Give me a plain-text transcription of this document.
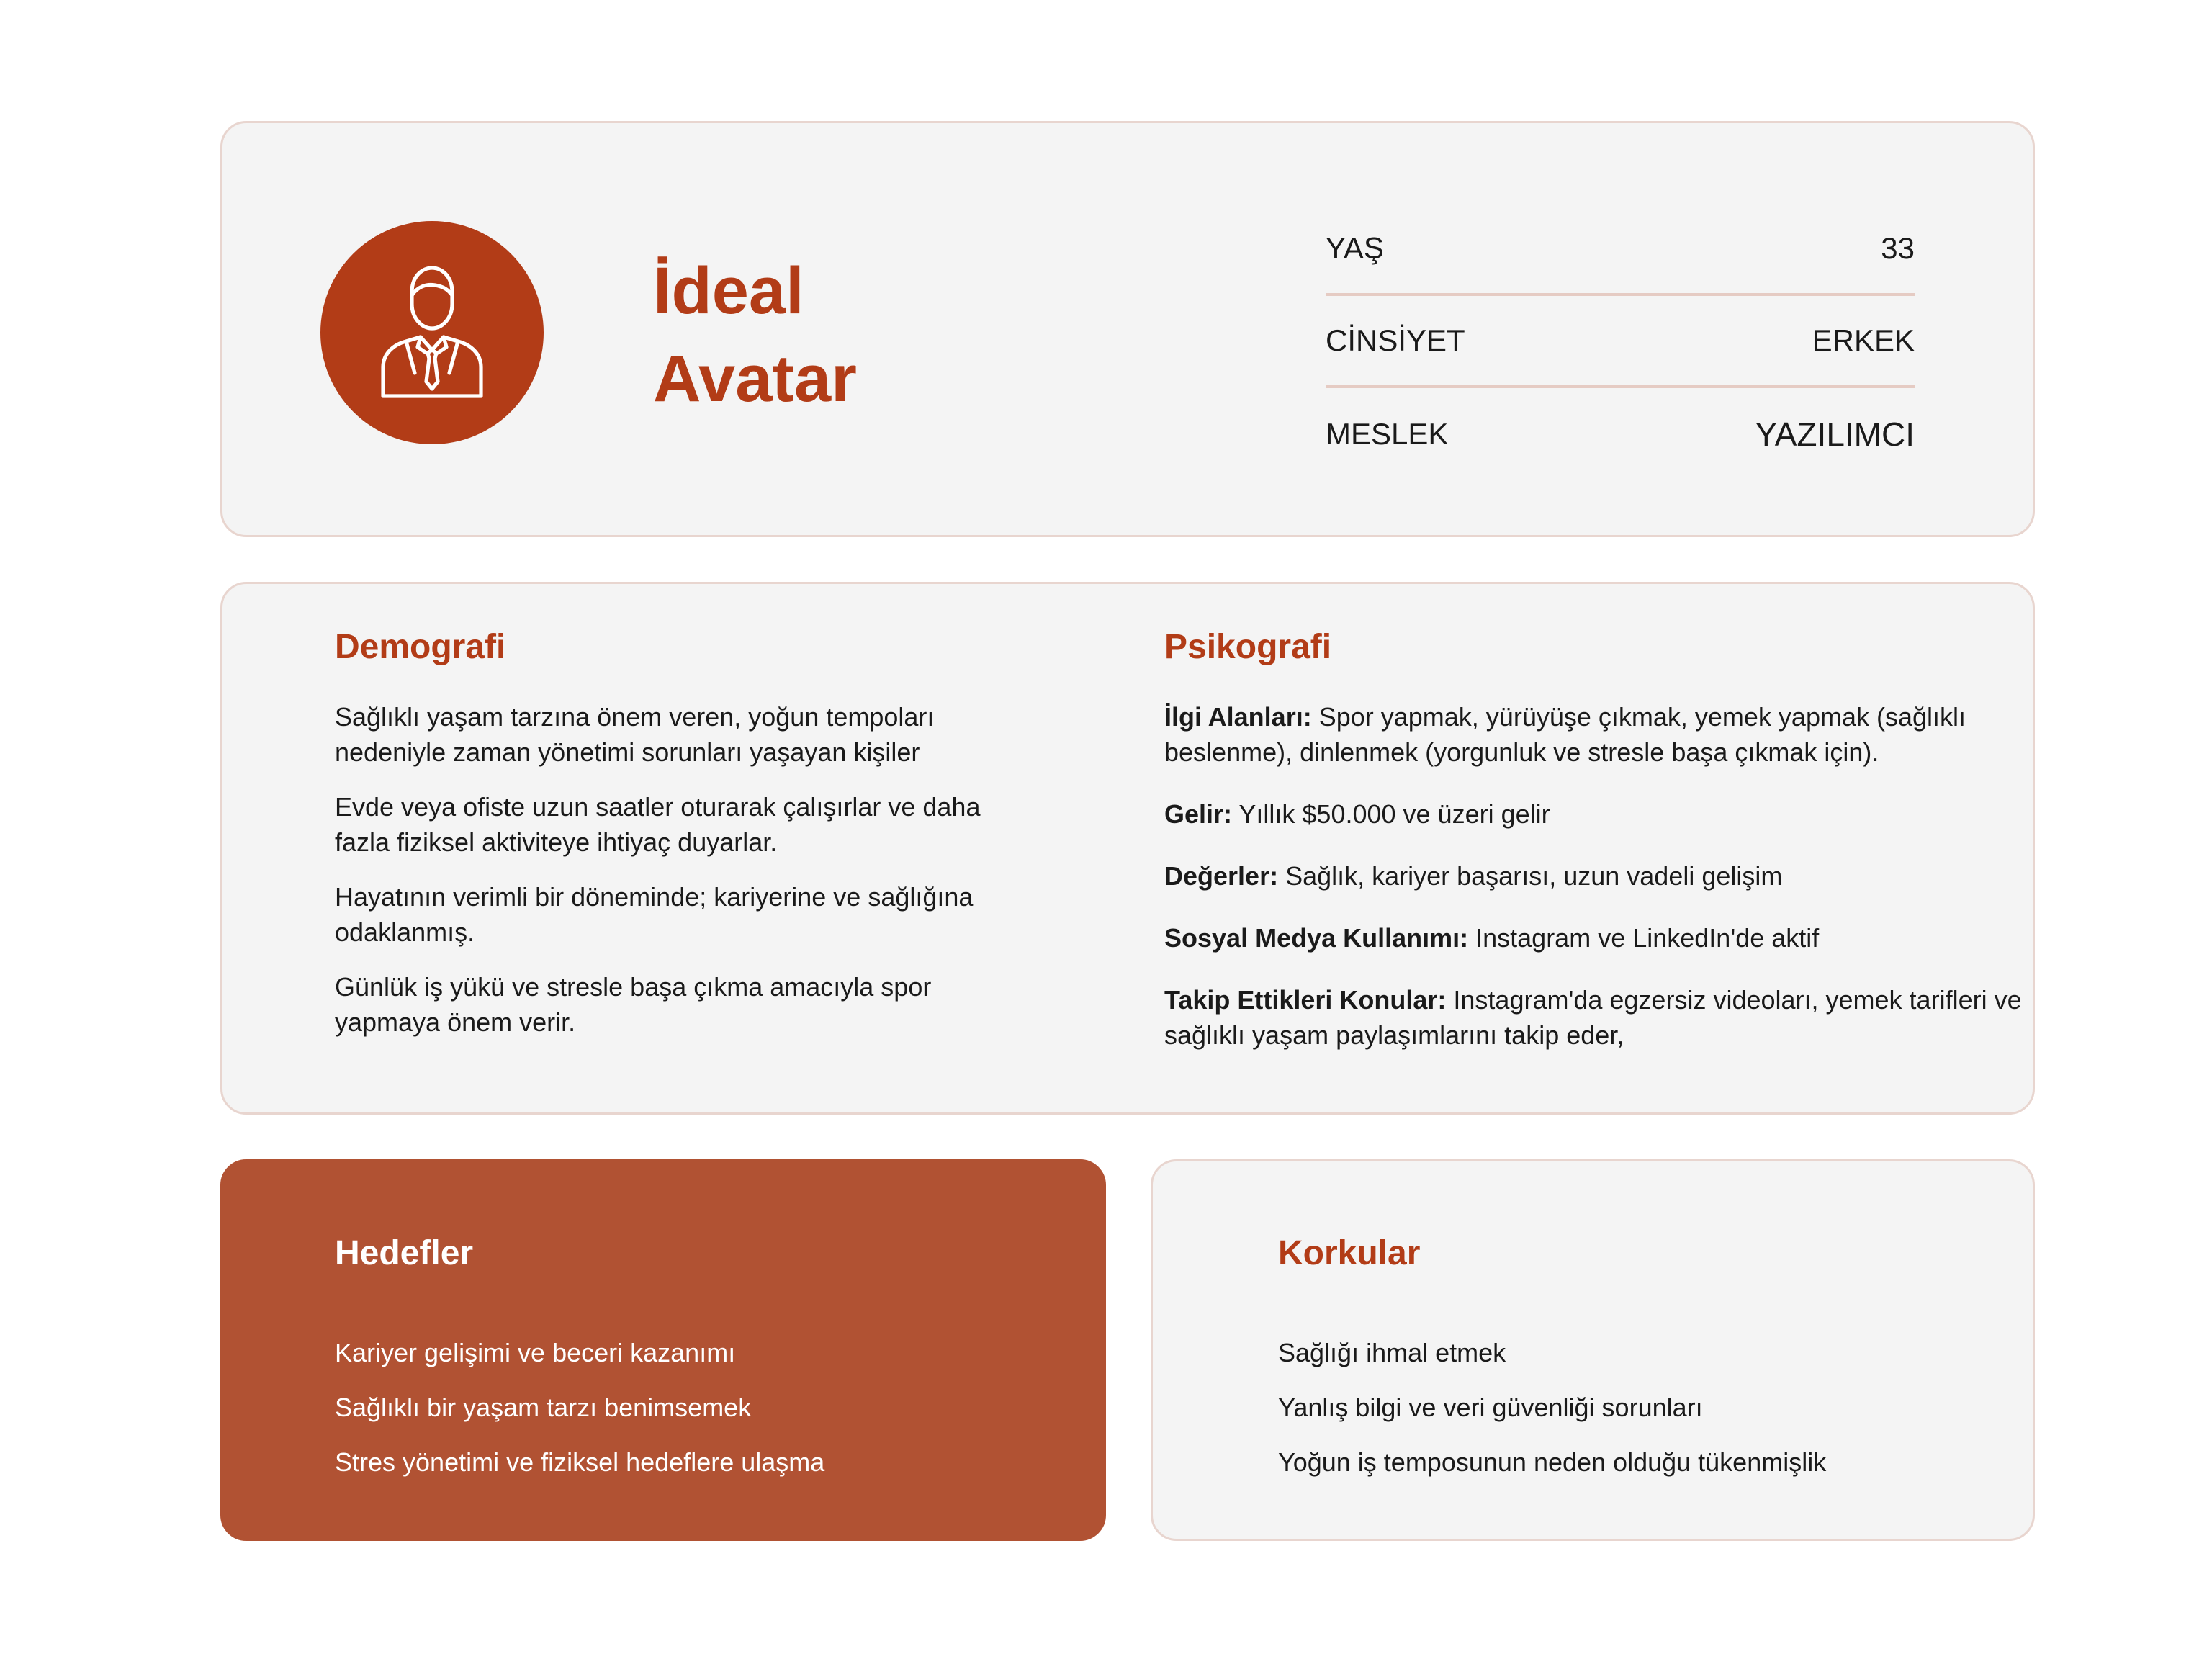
İdeal
Avatar
YAŞ	33
CİNSİYET	ERKEK
MESLEK	YAZILIMCI
Demografi

Sağlıklı yaşam tarzına önem veren, yoğun tempoları nedeniyle zaman yönetimi sorunları yaşayan kişiler

Evde veya ofiste uzun saatler oturarak çalışırlar ve daha fazla fiziksel aktiviteye ihtiyaç duyarlar.

Hayatının verimli bir döneminde; kariyerine ve sağlığına odaklanmış.

Günlük iş yükü ve stresle başa çıkma amacıyla spor yapmaya önem verir.

Psikografi

İlgi Alanları: Spor yapmak, yürüyüşe çıkmak, yemek yapmak (sağlıklı beslenme), dinlenmek (yorgunluk ve stresle başa çıkmak için).

Gelir: Yıllık $50.000 ve üzeri gelir

Değerler: Sağlık, kariyer başarısı, uzun vadeli gelişim

Sosyal Medya Kullanımı: Instagram ve LinkedIn'de aktif

Takip Ettikleri Konular: Instagram'da egzersiz videoları, yemek tarifleri ve sağlıklı yaşam paylaşımlarını takip eder,

Hedefler
Kariyer gelişimi ve beceri kazanımı
Sağlıklı bir yaşam tarzı benimsemek
Stres yönetimi ve fiziksel hedeflere ulaşma
Korkular
Sağlığı ihmal etmek
Yanlış bilgi ve veri güvenliği sorunları
Yoğun iş temposunun neden olduğu tükenmişlik
